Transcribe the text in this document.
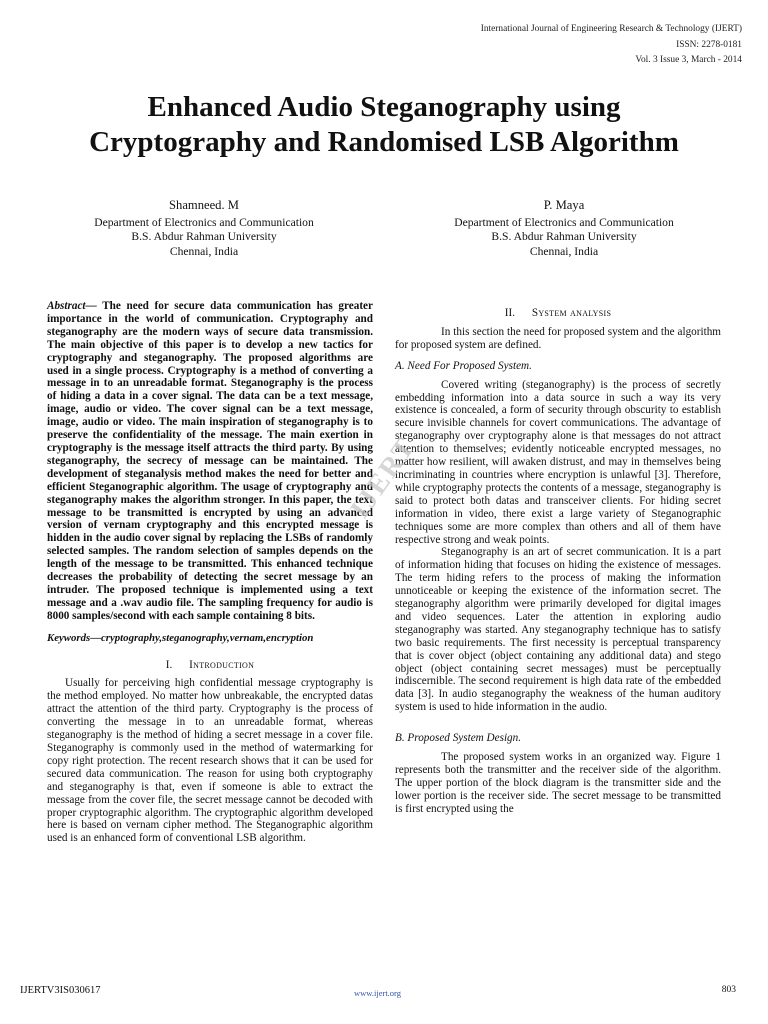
International Journal of Engineering Research & Technology (IJERT)
ISSN: 2278-0181
Vol. 3 Issue 3, March - 2014
Enhanced Audio Steganography using
Cryptography and Randomised LSB Algorithm
Shamneed. M
Department of Electronics and Communication
B.S. Abdur Rahman University
Chennai, India
P. Maya
Department of Electronics and Communication
B.S. Abdur Rahman University
Chennai, India

Abstract— The need for secure data communication has greater importance in the world of communication. Cryptography and steganography are the modern ways of secure data transmission. The main objective of this paper is to develop a new tactics for cryptography and steganography. The proposed algorithms are used in a single process. Cryptography is a method of converting a message in to an unreadable format. Steganography is the process of hiding a data in a cover signal. The data can be a text message, image, audio or video. The cover signal can be a text message, image, audio or video. The main inspiration of steganography is to preserve the confidentiality of the message. The main exertion in cryptography is the message itself attracts the third party. By using steganography, the secrecy of message can be maintained. The development of steganalysis method makes the need for better and efficient Steganographic algorithm. The usage of cryptography and steganography makes the algorithm stronger. In this paper, the text message to be transmitted is encrypted by using an advanced version of vernam cryptography and this encrypted message is hidden in the audio cover signal by replacing the LSBs of randomly selected samples. The random selection of samples depends on the length of the message to be transmitted. This enhanced technique decreases the probability of detecting the secret message by an intruder. The proposed technique is implemented using a text message and a .wav audio file. The sampling frequency for audio is 8000 samples/second with each sample containing 8 bits.

Keywords—cryptography,steganography,vernam,encryption

I. Introduction

Usually for perceiving high confidential message cryptography is the method employed. No matter how unbreakable, the encrypted datas attract the attention of the third party. Cryptography is the process of converting the message in to an unreadable format, whereas steganography is the method of hiding a secret message in a cover file. Steganography is commonly used in the method of watermarking for copy right protection. The recent research shows that it can be used for secured data communication. The reason for using both cryptography and steganography is that, even if someone is able to extract the message from the cover file, the secret message cannot be decoded with proper cryptographic algorithm. The cryptographic algorithm developed here is based on vernam cipher method. The Steganographic algorithm used is an enhanced form of conventional LSB algorithm.

II. System analysis

In this section the need for proposed system and the algorithm for proposed system are defined.

A. Need For Proposed System.

Covered writing (steganography) is the process of secretly embedding information into a data source in such a way its very existence is concealed, a form of security through obscurity to establish secure invisible channels for covert communications. The advantage of steganography over cryptography alone is that messages do not attract attention to themselves; evidently noticeable encrypted messages, no matter how resilient, will awaken distrust, and may in themselves being incriminating in countries where encryption is unlawful [3]. Therefore, while cryptography protects the contents of a message, steganography is said to protect both datas and transceiver clients. For hiding secret information in video, there exist a large variety of Steganographic techniques some are more complex than others and all of them have respective strong and weak points.

Steganography is an art of secret communication. It is a part of information hiding that focuses on hiding the existence of messages. The term hiding refers to the process of making the information unnoticeable or keeping the existence of the information secret. The steganography algorithm were primarily developed for digital images and video sequences. Later the attention in exploring audio steganography was started. Any steganography technique has to satisfy two basic requirements. The first necessity is perceptual transparency that is cover object (object containing any additional data) and stego object (object containing secret messages) must be perceptually indiscernible. The second requirement is high data rate of the embedded data [3]. In audio steganography the weakness of the human auditory system is used to hide information in the audio.

B. Proposed System Design.

The proposed system works in an organized way. Figure 1 represents both the transmitter and the receiver side of the algorithm. The upper portion of the block diagram is the transmitter side and the lower portion is the receiver side. The secret message to be transmitted is first encrypted using the

IJERT
IJERTV3IS030617	www.ijert.org	803
